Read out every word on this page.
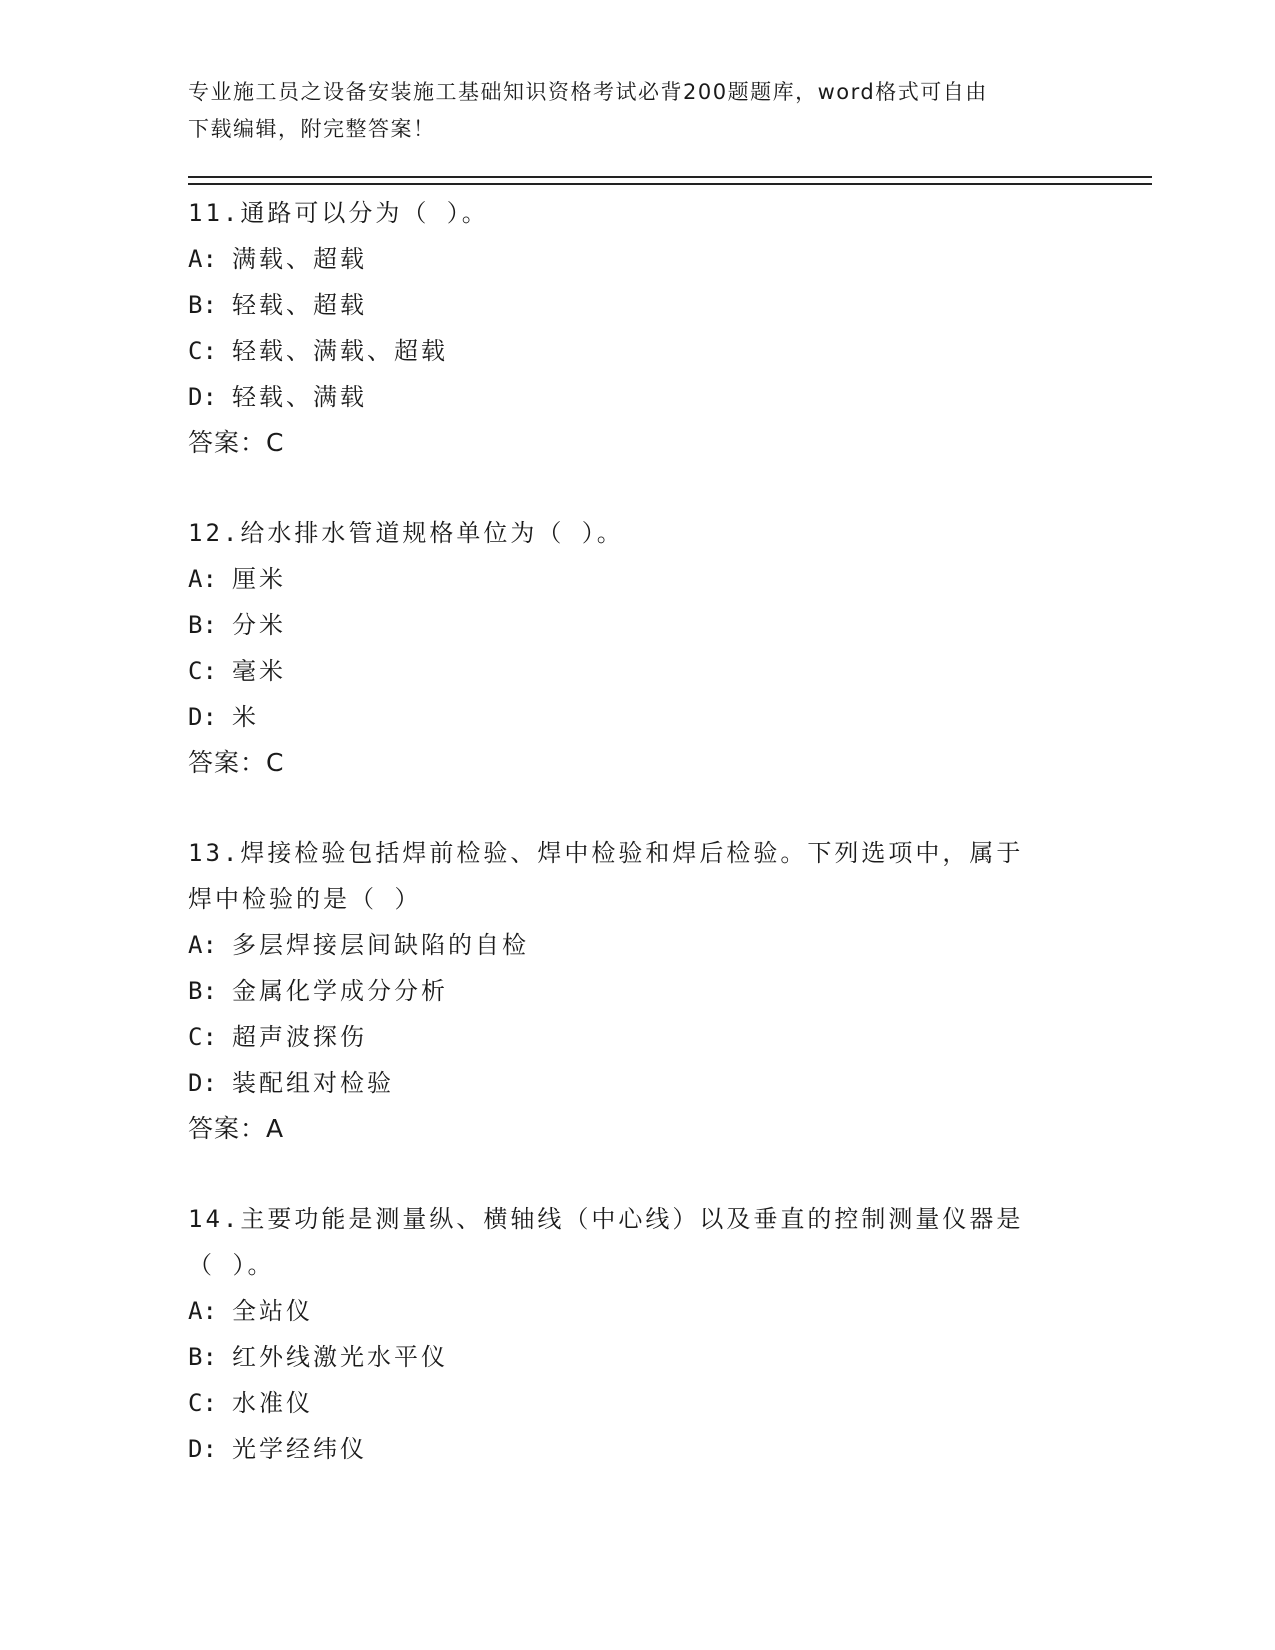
专业施工员之设备安装施工基础知识资格考试必背200题题库，word格式可自由
下载编辑，附完整答案！
11.通路可以分为（ ）。
A: 满载、超载
B: 轻载、超载
C: 轻载、满载、超载
D: 轻载、满载
答案：C
12.给水排水管道规格单位为（ ）。
A: 厘米
B: 分米
C: 毫米
D: 米
答案：C
13.焊接检验包括焊前检验、焊中检验和焊后检验。下列选项中，属于
焊中检验的是（ ）
A: 多层焊接层间缺陷的自检
B: 金属化学成分分析
C: 超声波探伤
D: 装配组对检验
答案：A
14.主要功能是测量纵、横轴线（中心线）以及垂直的控制测量仪器是
（ ）。
A: 全站仪
B: 红外线激光水平仪
C: 水准仪
D: 光学经纬仪
